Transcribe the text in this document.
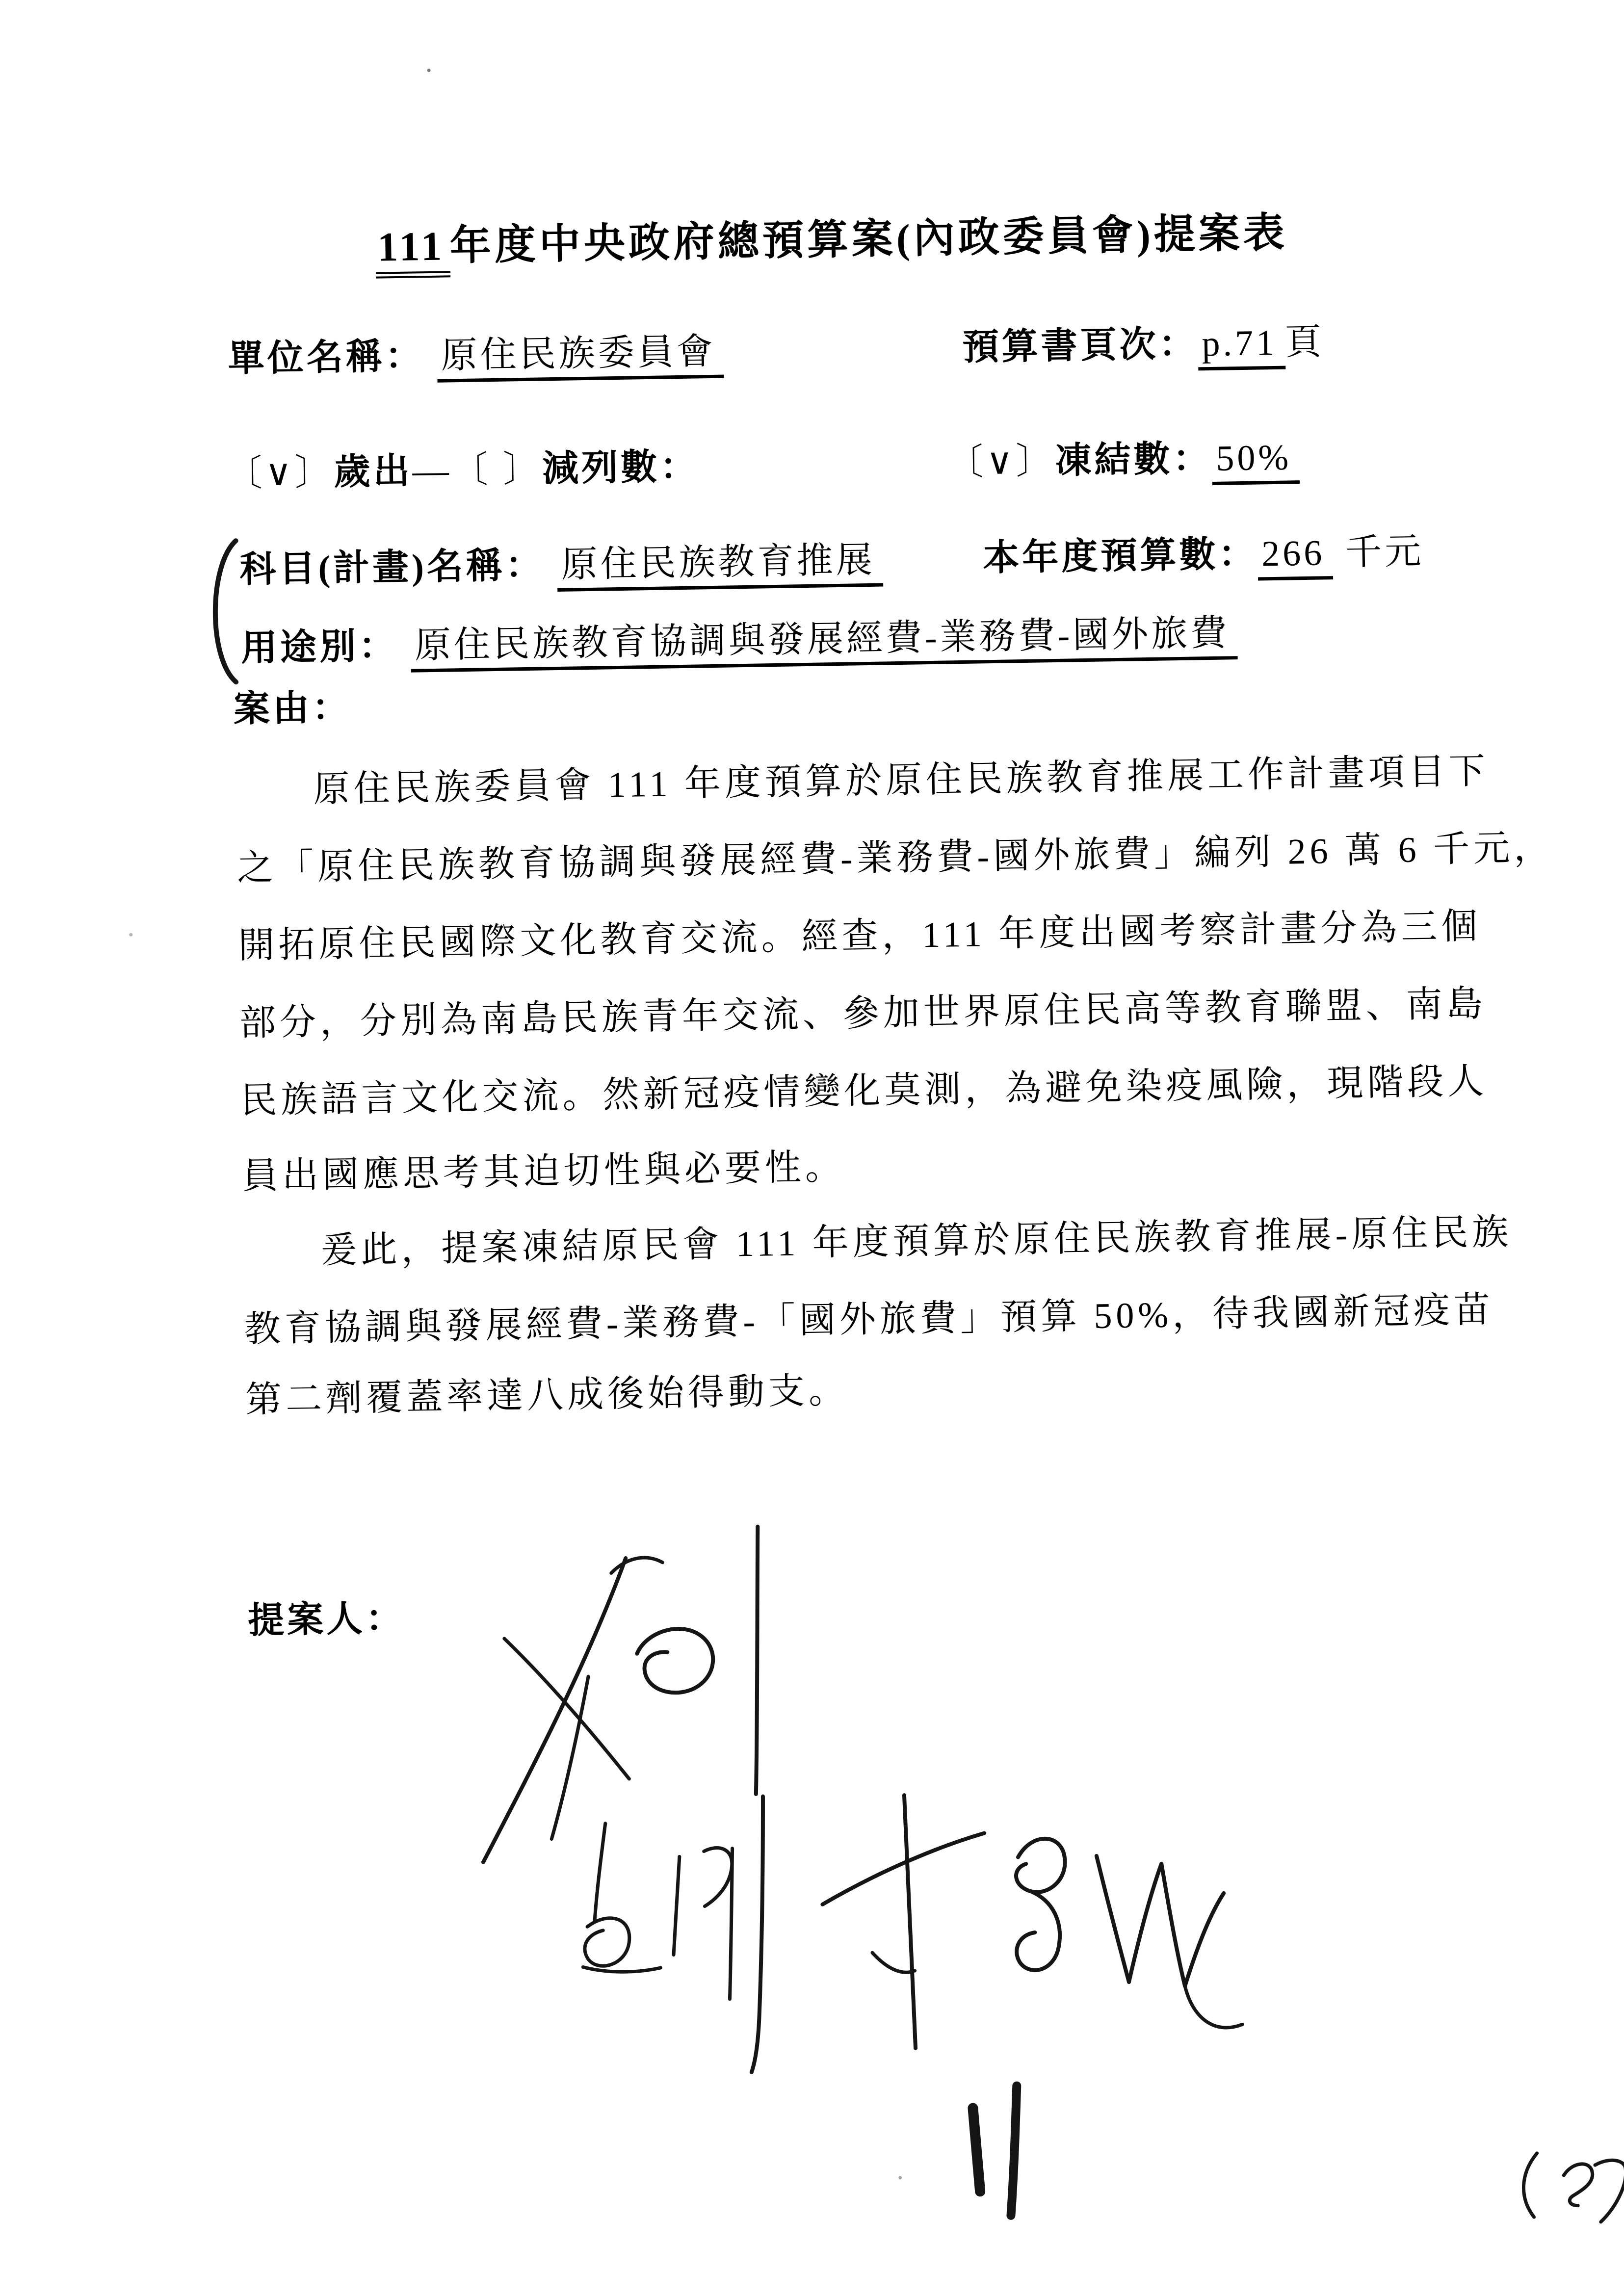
111 年度中央政府總預算案(內政委員會)提案表
單位名稱： 原住民族委員會	預算書頁次：p.71 頁
〔∨〕歲出—〔 〕減列數：	〔∨〕凍結數：50%
科目(計畫)名稱： 原住民族教育推展	本年度預算數：266 千元
用途別： 原住民族教育協調與發展經費-業務費-國外旅費
案由：
原住民族委員會 111 年度預算於原住民族教育推展工作計畫項目下
之「原住民族教育協調與發展經費-業務費-國外旅費」編列 26 萬 6 千元，
開拓原住民國際文化教育交流。經查，111 年度出國考察計畫分為三個
部分，分別為南島民族青年交流、參加世界原住民高等教育聯盟、南島
民族語言文化交流。然新冠疫情變化莫測，為避免染疫風險，現階段人
員出國應思考其迫切性與必要性。
爰此，提案凍結原民會 111 年度預算於原住民族教育推展-原住民族
教育協調與發展經費-業務費-「國外旅費」預算 50%，待我國新冠疫苗
第二劑覆蓋率達八成後始得動支。
提案人：
